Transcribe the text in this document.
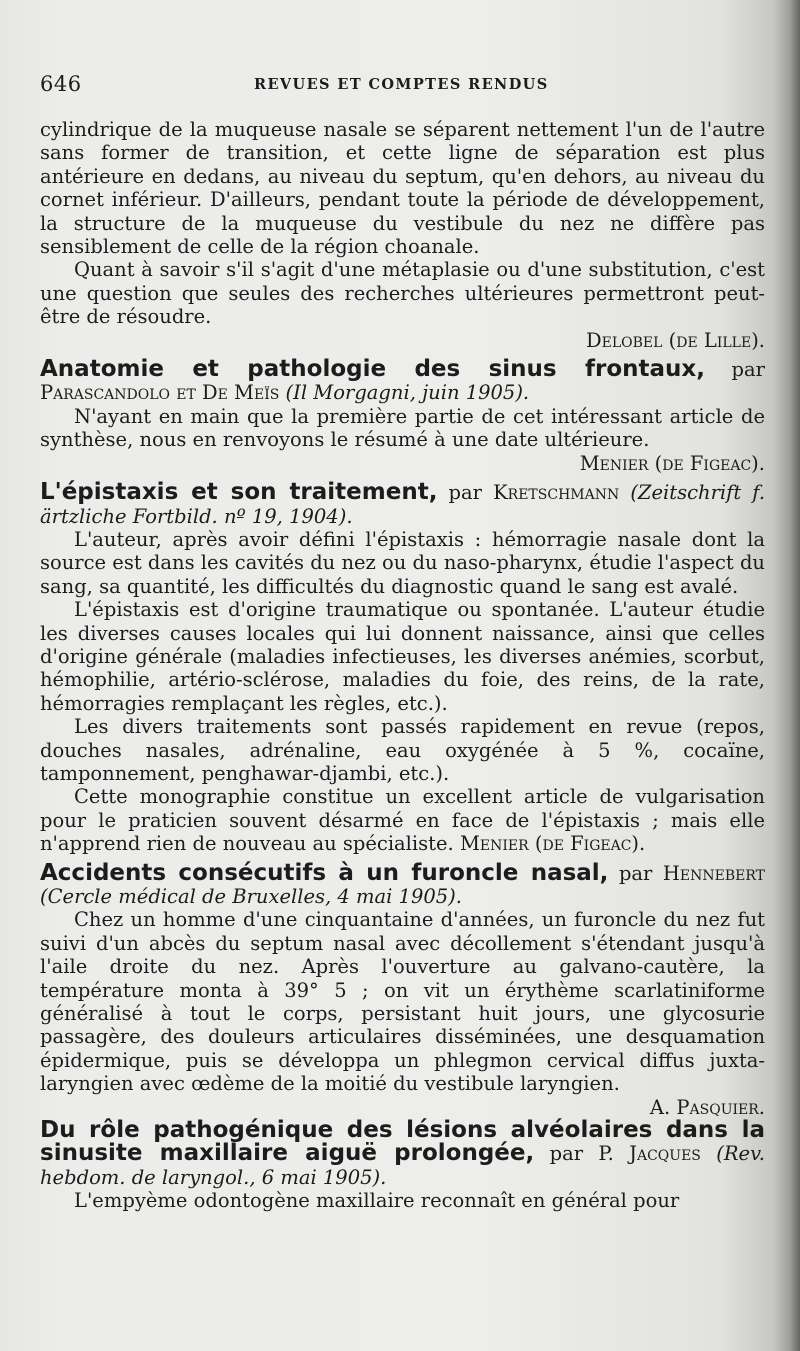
646	REVUES ET COMPTES RENDUS

cylindrique de la muqueuse nasale se séparent nettement l'un de l'autre sans former de transition, et cette ligne de séparation est plus antérieure en dedans, au niveau du septum, qu'en dehors, au niveau du cornet inférieur. D'ailleurs, pendant toute la période de développement, la structure de la muqueuse du vestibule du nez ne diffère pas sensiblement de celle de la région choanale.

Quant à savoir s'il s'agit d'une métaplasie ou d'une substitution, c'est une question que seules des recherches ultérieures permettront peut-être de résoudre.

Delobel (de Lille).

Anatomie et pathologie des sinus frontaux, par Parascandolo et De Meïs (Il Morgagni, juin 1905).

N'ayant en main que la première partie de cet intéressant article de synthèse, nous en renvoyons le résumé à une date ultérieure.

Menier (de Figeac).

L'épistaxis et son traitement, par Kretschmann (Zeitschrift f. ärtzliche Fortbild. nº 19, 1904).

L'auteur, après avoir défini l'épistaxis : hémorragie nasale dont la source est dans les cavités du nez ou du naso-pharynx, étudie l'aspect du sang, sa quantité, les difficultés du diagnostic quand le sang est avalé.

L'épistaxis est d'origine traumatique ou spontanée. L'auteur étudie les diverses causes locales qui lui donnent naissance, ainsi que celles d'origine générale (maladies infectieuses, les diverses anémies, scorbut, hémophilie, artério-sclérose, maladies du foie, des reins, de la rate, hémorragies remplaçant les règles, etc.).

Les divers traitements sont passés rapidement en revue (repos, douches nasales, adrénaline, eau oxygénée à 5 %, cocaïne, tamponnement, penghawar-djambi, etc.).

Cette monographie constitue un excellent article de vulgarisation pour le praticien souvent désarmé en face de l'épistaxis ; mais elle n'apprend rien de nouveau au spécialiste. Menier (de Figeac).

Accidents consécutifs à un furoncle nasal, par Hennebert (Cercle médical de Bruxelles, 4 mai 1905).

Chez un homme d'une cinquantaine d'années, un furoncle du nez fut suivi d'un abcès du septum nasal avec décollement s'étendant jusqu'à l'aile droite du nez. Après l'ouverture au galvano-cautère, la température monta à 39° 5 ; on vit un érythème scarlatiniforme généralisé à tout le corps, persistant huit jours, une glycosurie passagère, des douleurs articulaires disséminées, une desquamation épidermique, puis se développa un phlegmon cervical diffus juxta-laryngien avec œdème de la moitié du vestibule laryngien.

A. Pasquier.

Du rôle pathogénique des lésions alvéolaires dans la sinusite maxillaire aiguë prolongée, par P. Jacques (Rev. hebdom. de laryngol., 6 mai 1905).

L'empyème odontogène maxillaire reconnaît en général pour
